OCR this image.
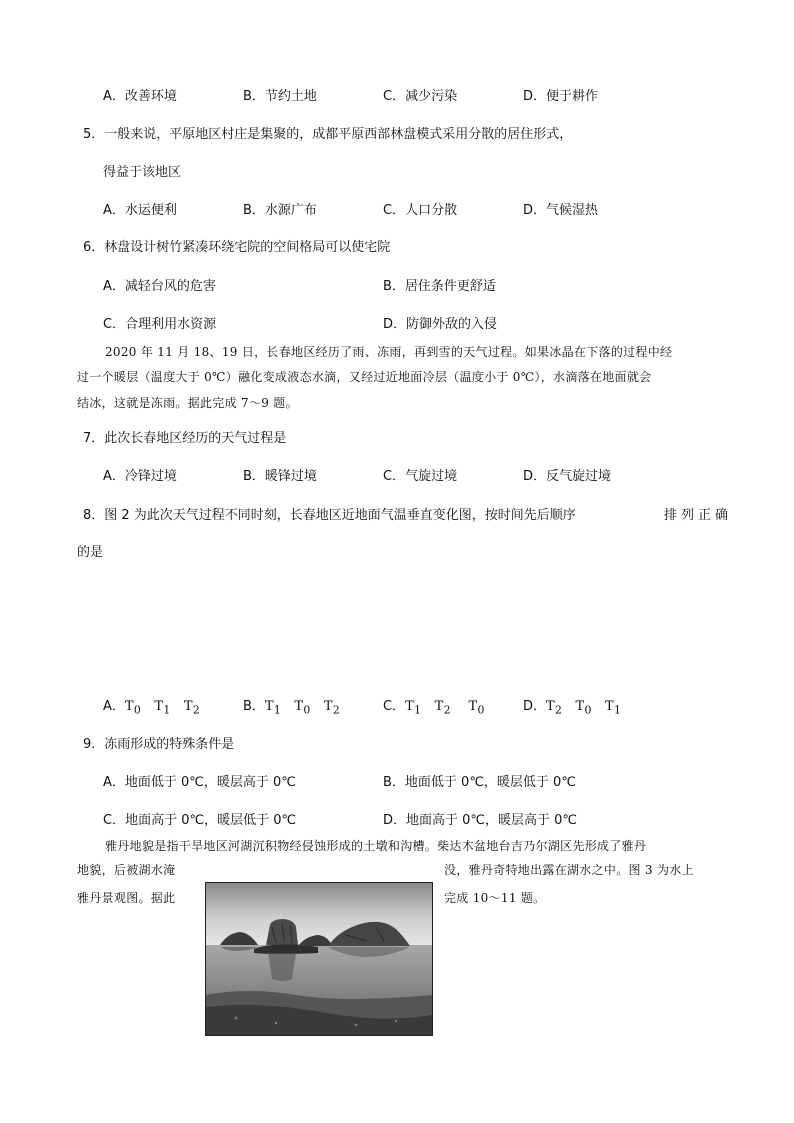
A．改善环境	B．节约土地	C．减少污染	D．便于耕作
5．一般来说，平原地区村庄是集聚的，成都平原西部林盘模式采用分散的居住形式，
得益于该地区
A．水运便利	B．水源广布	C．人口分散	D．气候湿热
6．林盘设计树竹紧凑环绕宅院的空间格局可以使宅院
A．减轻台风的危害	B．居住条件更舒适
C．合理利用水资源	D．防御外敌的入侵
2020 年 11 月 18、19 日，长春地区经历了雨、冻雨，再到雪的天气过程。如果冰晶在下落的过程中经
过一个暖层（温度大于 0℃）融化变成液态水滴，又经过近地面冷层（温度小于 0℃），水滴落在地面就会
结冰，这就是冻雨。据此完成 7～9 题。
7．此次长春地区经历的天气过程是
A．冷锋过境	B．暖锋过境	C．气旋过境	D．反气旋过境
8．图 2 为此次天气过程不同时刻，长春地区近地面气温垂直变化图，按时间先后顺序	排列正确
的是
A．$T_0$ $T_1$ $T_2$	B．$T_1$ $T_0$ $T_2$	C．$T_1$ $T_2$ $T_0$	D．$T_2$ $T_0$ $T_1$
9．冻雨形成的特殊条件是
A．地面低于 0℃，暖层高于 0℃	B．地面低于 0℃，暖层低于 0℃
C．地面高于 0℃，暖层低于 0℃	D．地面高于 0℃，暖层高于 0℃
雅丹地貌是指干旱地区河湖沉积物经侵蚀形成的土墩和沟槽。柴达木盆地台吉乃尔湖区先形成了雅丹
地貌，后被湖水淹	没，雅丹奇特地出露在湖水之中。图 3 为水上
雅丹景观图。据此	完成 10～11 题。
